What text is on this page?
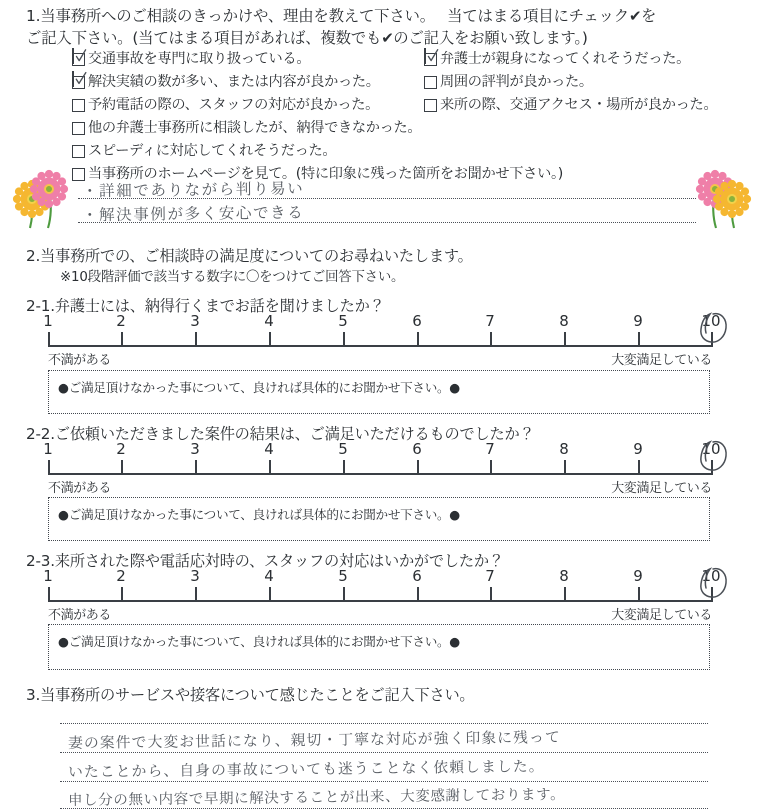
1.当事務所へのご相談のきっかけや、理由を教えて下さい。　 当てはまる項目にチェック✔を
ご記入下さい。(当てはまる項目があれば、複数でも✔のご記入をお願い致します。)
交通事故を専門に取り扱っている。
解決実績の数が多い、または内容が良かった。
予約電話の際の、スタッフの対応が良かった。
他の弁護士事務所に相談したが、納得できなかった。
スピーディに対応してくれそうだった。
当事務所のホームページを見て。(特に印象に残った箇所をお聞かせ下さい。)
弁護士が親身になってくれそうだった。
周囲の評判が良かった。
来所の際、交通アクセス・場所が良かった。
・詳細でありながら判り易い
・解決事例が多く安心できる
2.当事務所での、ご相談時の満足度についてのお尋ねいたします。
※10段階評価で該当する数字に〇をつけてご回答下さい。
2-1.弁護士には、納得行くまでお話を聞けましたか？
1	2	3	4	5	6	7	8	9	10
不満がある	大変満足している
●ご満足頂けなかった事について、良ければ具体的にお聞かせ下さい。●
2-2.ご依頼いただきました案件の結果は、ご満足いただけるものでしたか？
1	2	3	4	5	6	7	8	9	10
不満がある	大変満足している
●ご満足頂けなかった事について、良ければ具体的にお聞かせ下さい。●
2-3.来所された際や電話応対時の、スタッフの対応はいかがでしたか？
1	2	3	4	5	6	7	8	9	10
不満がある	大変満足している
●ご満足頂けなかった事について、良ければ具体的にお聞かせ下さい。●
3.当事務所のサービスや接客について感じたことをご記入下さい。
妻の案件で大変お世話になり、親切・丁寧な対応が強く印象に残って
いたことから、自身の事故についても迷うことなく依頼しました。
申し分の無い内容で早期に解決することが出来、大変感謝しております。
